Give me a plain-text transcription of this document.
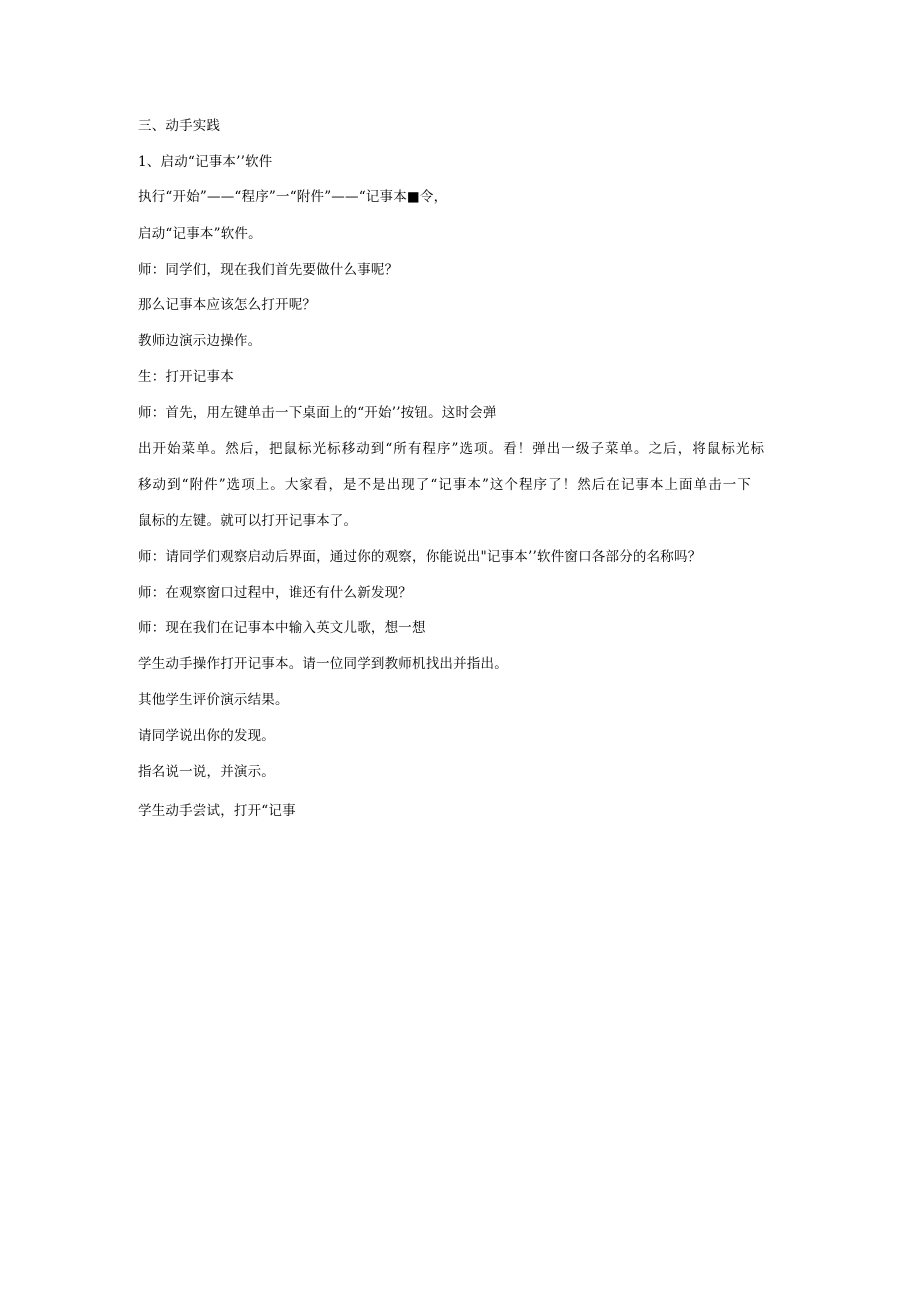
三、动手实践
1、启动“记事本’’软件
执行“开始”——“程序”一“附件”——“记事本■令，
启动“记事本”软件。
师：同学们，现在我们首先要做什么事呢？
那么记事本应该怎么打开呢？
教师边演示边操作。
生：打开记事本
师：首先，用左键单击一下桌面上的“开始’’按钮。这时会弹
出开始菜单。然后，把鼠标光标移动到“所有程序”选项。看！弹出一级子菜单。之后，将鼠标光标
移动到“附件”选项上。大家看，是不是出现了“记事本”这个程序了！然后在记事本上面单击一下
鼠标的左键。就可以打开记事本了。
师：请同学们观察启动后界面，通过你的观察，你能说出"记事本’’软件窗口各部分的名称吗？
师：在观察窗口过程中，谁还有什么新发现？
师：现在我们在记事本中输入英文儿歌，想一想
学生动手操作打开记事本。请一位同学到教师机找出并指出。
其他学生评价演示结果。
请同学说出你的发现。
指名说一说，并演示。
学生动手尝试，打开“记事
